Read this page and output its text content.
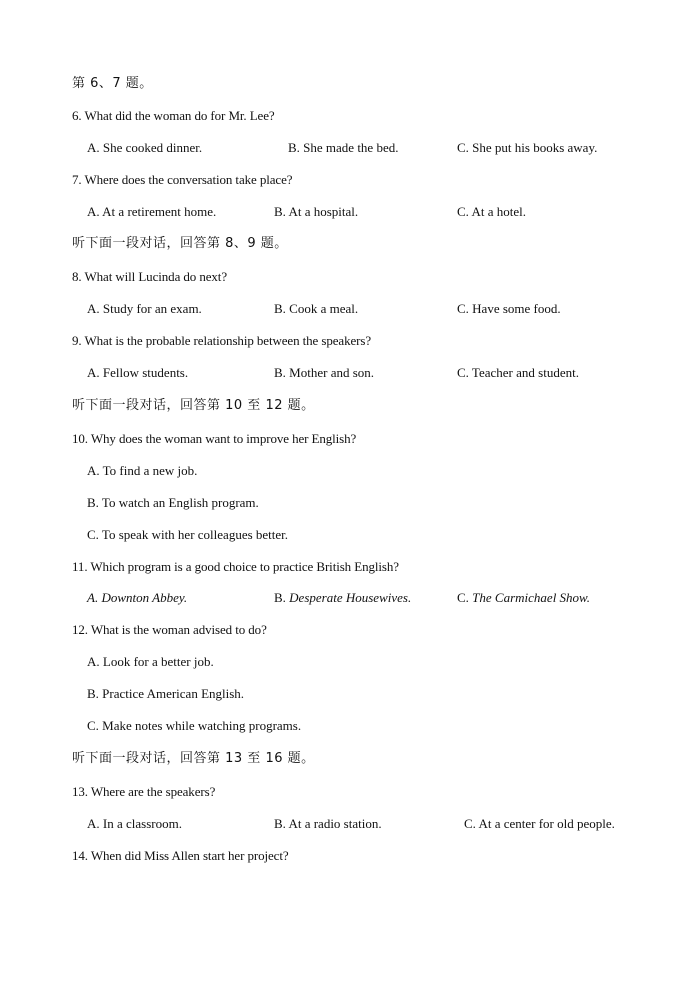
第 6、7 题。
6. What did the woman do for Mr. Lee?
A. She cooked dinner.	B. She made the bed.	C. She put his books away.
7. Where does the conversation take place?
A. At a retirement home.	B. At a hospital.	C. At a hotel.
听下面一段对话，回答第 8、9 题。
8. What will Lucinda do next?
A. Study for an exam.	B. Cook a meal.	C. Have some food.
9. What is the probable relationship between the speakers?
A. Fellow students.	B. Mother and son.	C. Teacher and student.
听下面一段对话，回答第 10 至 12 题。
10. Why does the woman want to improve her English?
A. To find a new job.
B. To watch an English program.
C. To speak with her colleagues better.
11. Which program is a good choice to practice British English?
A. Downton Abbey.	B. Desperate Housewives.	C. The Carmichael Show.
12. What is the woman advised to do?
A. Look for a better job.
B. Practice American English.
C. Make notes while watching programs.
听下面一段对话，回答第 13 至 16 题。
13. Where are the speakers?
A. In a classroom.	B. At a radio station.	C. At a center for old people.
14. When did Miss Allen start her project?
